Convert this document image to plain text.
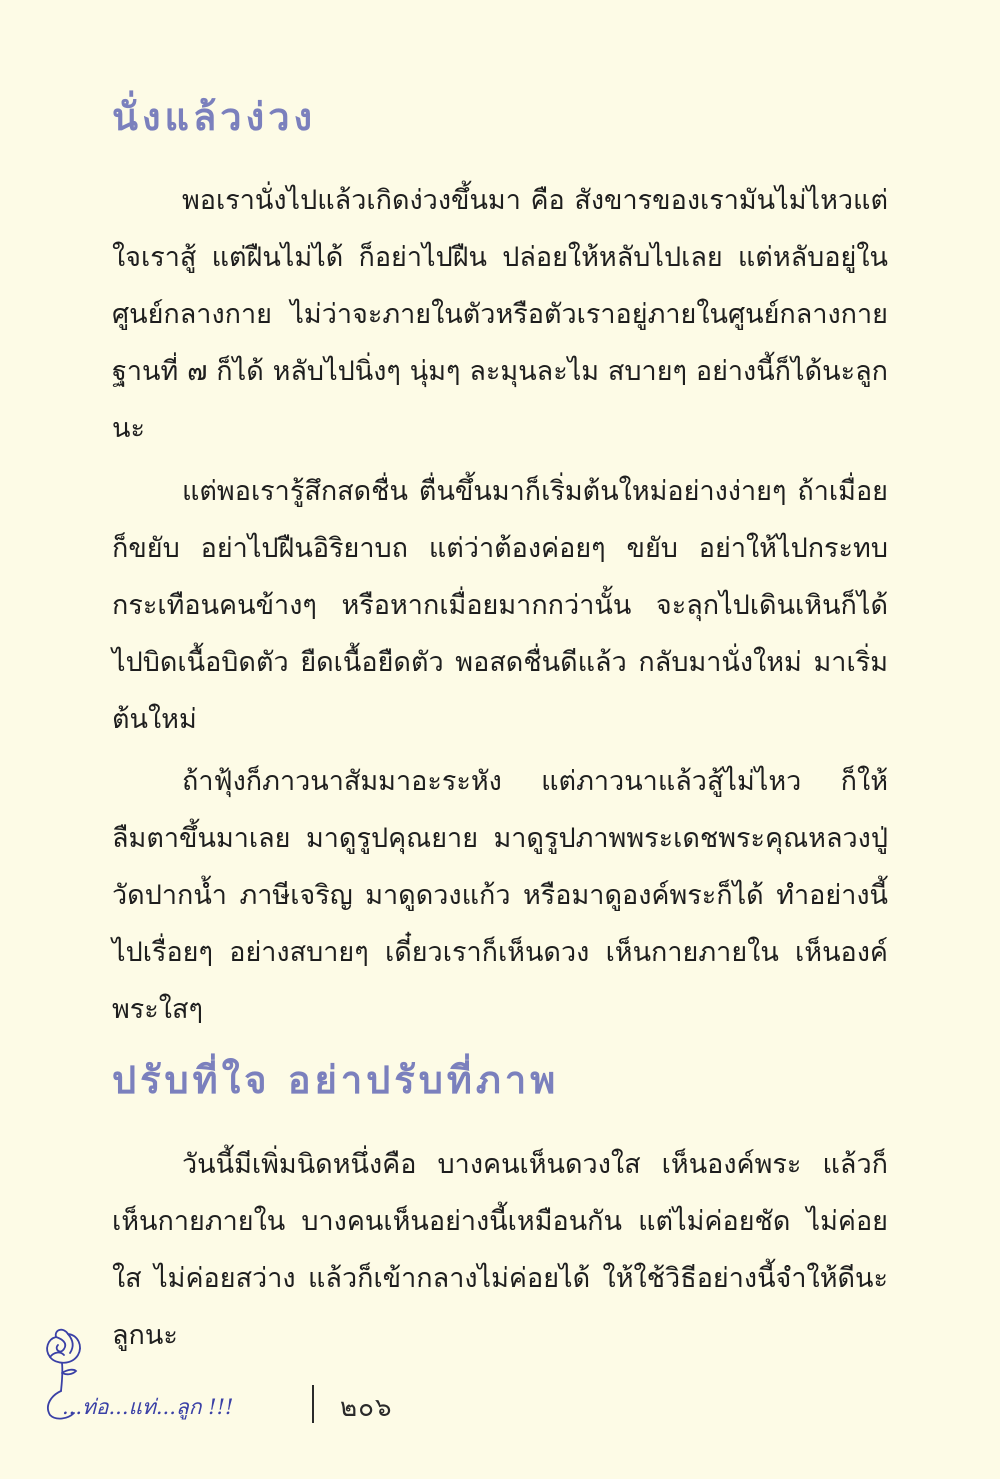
นั่งแล้วง่วง

พอเรานั่งไปแล้วเกิดง่วงขึ้นมา คือ สังขารของเรามันไม่ไหวแต่ใจเราสู้ แต่ฝืนไม่ได้ ก็อย่าไปฝืน ปล่อยให้หลับไปเลย แต่หลับอยู่ในศูนย์กลางกาย ไม่ว่าจะภายในตัวหรือตัวเราอยู่ภายในศูนย์กลางกายฐานที่ ๗ ก็ได้ หลับไปนิ่งๆ นุ่มๆ ละมุนละไม สบายๆ อย่างนี้ก็ได้นะลูกนะ

แต่พอเรารู้สึกสดชื่น ตื่นขึ้นมาก็เริ่มต้นใหม่อย่างง่ายๆ ถ้าเมื่อยก็ขยับ อย่าไปฝืนอิริยาบถ แต่ว่าต้องค่อยๆ ขยับ อย่าให้ไปกระทบกระเทือนคนข้างๆ หรือหากเมื่อยมากกว่านั้น จะลุกไปเดินเหินก็ได้ ไปบิดเนื้อบิดตัว ยืดเนื้อยืดตัว พอสดชื่นดีแล้ว กลับมานั่งใหม่ มาเริ่มต้นใหม่

ถ้าฟุ้งก็ภาวนาสัมมาอะระหัง แต่ภาวนาแล้วสู้ไม่ไหว ก็ให้ลืมตาขึ้นมาเลย มาดูรูปคุณยาย มาดูรูปภาพพระเดชพระคุณหลวงปู่วัดปากน้ำ ภาษีเจริญ มาดูดวงแก้ว หรือมาดูองค์พระก็ได้ ทำอย่างนี้ไปเรื่อยๆ อย่างสบายๆ เดี๋ยวเราก็เห็นดวง เห็นกายภายใน เห็นองค์พระใสๆ

ปรับที่ใจ อย่าปรับที่ภาพ

วันนี้มีเพิ่มนิดหนึ่งคือ บางคนเห็นดวงใส เห็นองค์พระ แล้วก็เห็นกายภายใน บางคนเห็นอย่างนี้เหมือนกัน แต่ไม่ค่อยชัด ไม่ค่อยใส ไม่ค่อยสว่าง แล้วก็เข้ากลางไม่ค่อยได้ ให้ใช้วิธีอย่างนี้จำให้ดีนะลูกนะ

...ท่อ...แท่...ลูก !!!	๒๐๖
